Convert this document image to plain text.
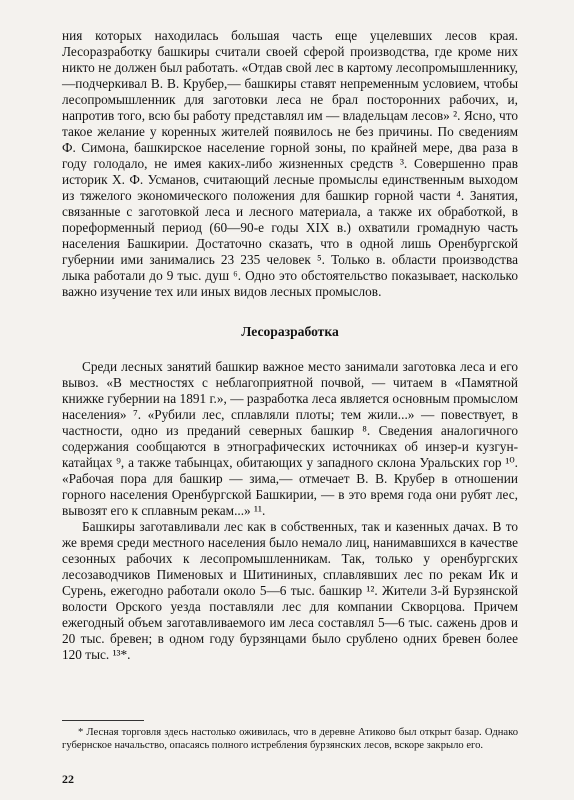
ния которых находилась большая часть еще уцелевших лесов края. Лесоразработку башкиры считали своей сферой производства, где кроме них никто не должен был работать. «Отдав свой лес в картому лесопромышленнику,—подчеркивал В. В. Крубер,— башкиры ставят непременным условием, чтобы лесопромышленник для заготовки леса не брал посторонних рабочих, и, напротив того, всю бы работу представлял им — владельцам лесов» ². Ясно, что такое желание у коренных жителей появилось не без причины. По сведениям Ф. Симона, башкирское население горной зоны, по крайней мере, два раза в году голодало, не имея каких-либо жизненных средств ³. Совершенно прав историк Х. Ф. Усманов, считающий лесные промыслы единственным выходом из тяжелого экономического положения для башкир горной части ⁴. Занятия, связанные с заготовкой леса и лесного материала, а также их обработкой, в пореформенный период (60—90-е годы XIX в.) охватили громадную часть населения Башкирии. Достаточно сказать, что в одной лишь Оренбургской губернии ими занимались 23 235 человек ⁵. Только в. области производства лыка работали до 9 тыс. душ ⁶. Одно это обстоятельство показывает, насколько важно изучение тех или иных видов лесных промыслов.

Лесоразработка

Среди лесных занятий башкир важное место занимали заготовка леса и его вывоз. «В местностях с неблагоприятной почвой, — читаем в «Памятной книжке губернии на 1891 г.», — разработка леса является основным промыслом населения» ⁷. «Рубили лес, сплавляли плоты; тем жили...» — повествует, в частности, одно из преданий северных башкир ⁸. Сведения аналогичного содержания сообщаются в этнографических источниках об инзер-и кузгун-катайцах ⁹, а также табынцах, обитающих у западного склона Уральских гор ¹⁰. «Рабочая пора для башкир — зима,— отмечает В. В. Крубер в отношении горного населения Оренбургской Башкирии, — в это время года они рубят лес, вывозят его к сплавным рекам...» ¹¹.

Башкиры заготавливали лес как в собственных, так и казенных дачах. В то же время среди местного населения было немало лиц, нанимавшихся в качестве сезонных рабочих к лесопромышленникам. Так, только у оренбургских лесозаводчиков Пименовых и Шитининых, сплавлявших лес по рекам Ик и Сурень, ежегодно работали около 5—6 тыс. башкир ¹². Жители 3-й Бурзянской волости Орского уезда поставляли лес для компании Скворцова. Причем ежегодный объем заготавливаемого им леса составлял 5—6 тыс. сажень дров и 20 тыс. бревен; в одном году бурзянцами было срублено одних бревен более 120 тыс. ¹³*.

* Лесная торговля здесь настолько оживилась, что в деревне Атиково был открыт базар. Однако губернское начальство, опасаясь полного истребления бурзянских лесов, вскоре закрыло его.
22
